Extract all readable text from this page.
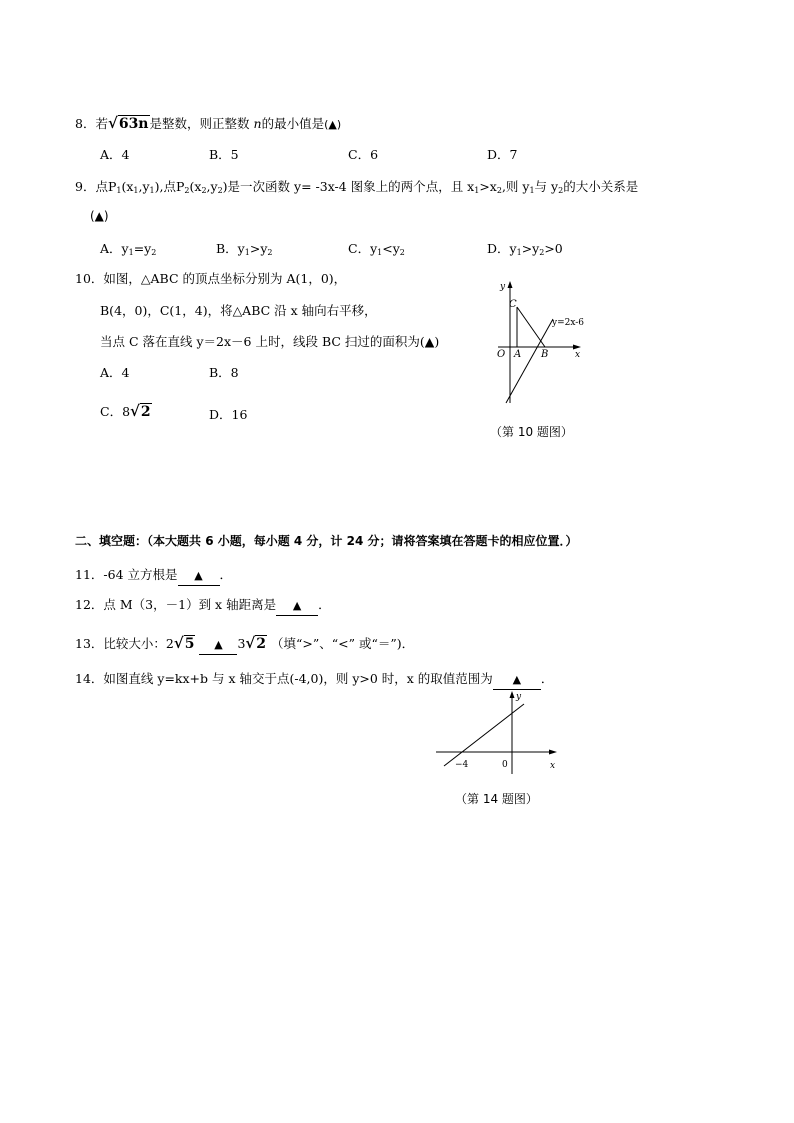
8．若√63n是整数，则正整数 n的最小值是(▲)
A．4	B．5	C．6	D．7
9．点$P_1(x_1,y_1)$,点$P_2(x_2,y_2)$是一次函数 y= -3x-4 图象上的两个点，且 $x_1>x_2$,则 $y_1$与 $y_2$的大小关系是
(▲)
A．$y_1=y_2$	B．$y_1>y_2$	C．$y_1<y_2$	D．$y_1>y_2>0$
10．如图，△ABC 的顶点坐标分别为 A(1，0)，
B(4，0)，C(1，4)，将△ABC 沿 x 轴向右平移，
当点 C 落在直线 y＝2x－6 上时，线段 BC 扫过的面积为(▲)
A．4	B．8
C．8√2	D．16
y
x
O A B
C
y=2x-6
（第 10 题图）
二、填空题：（本大题共 6 小题，每小题 4 分，计 24 分；请将答案填在答题卡的相应位置．）
11．-64 立方根是 ▲ ．
12．点 M（3，－1）到 x 轴距离是 ▲ ．
13．比较大小：2√5 ▲ 3√2 （填“>”、“<” 或“＝”)．
14．如图直线 y=kx+b 与 x 轴交于点(-4,0)，则 y>0 时，x 的取值范围为 ▲ ．
y
x
−4	0
（第 14 题图）
